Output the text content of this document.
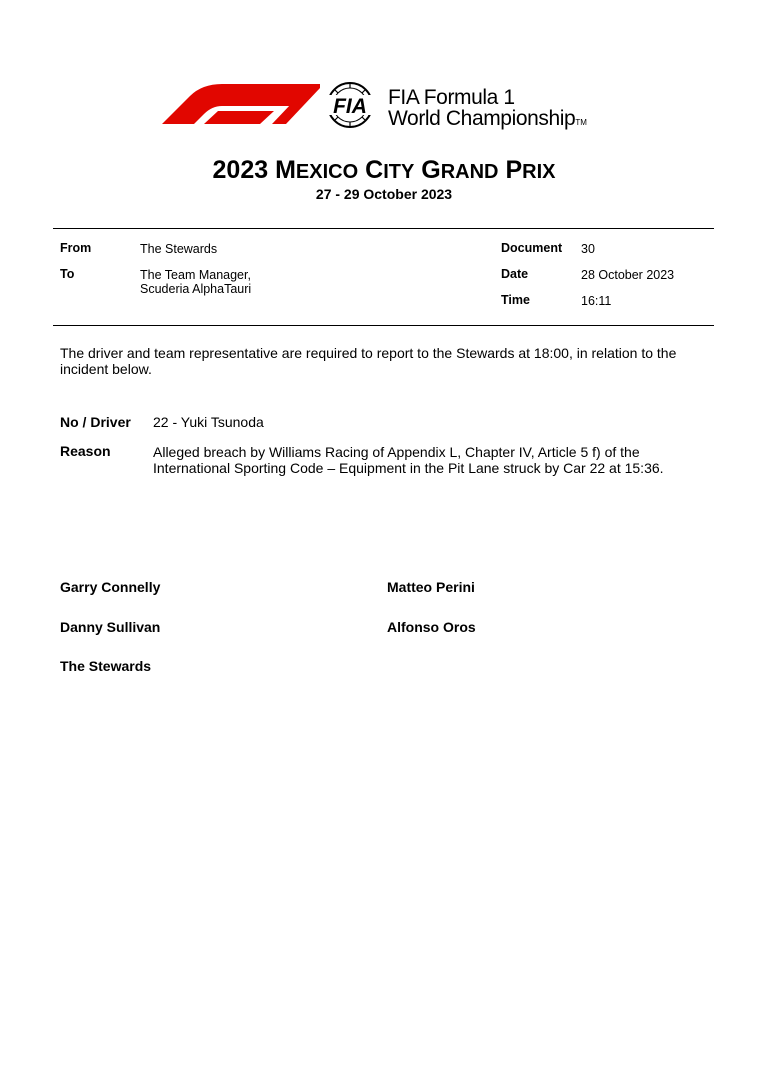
FIA FIA Formula 1
World ChampionshipTM
2023 MEXICO CITY GRAND PRIX
27 - 29 October 2023
From	The Stewards
To	The Team Manager,
Scuderia AlphaTauri
Document 30
Date	28 October 2023
Time	16:11
The driver and team representative are required to report to the Stewards at 18:00, in relation to the
incident below.
No / Driver 22 - Yuki Tsunoda
Reason	Alleged breach by Williams Racing of Appendix L, Chapter IV, Article 5 f) of the
International Sporting Code – Equipment in the Pit Lane struck by Car 22 at 15:36.
Garry Connelly	Matteo Perini
Danny Sullivan	Alfonso Oros
The Stewards
